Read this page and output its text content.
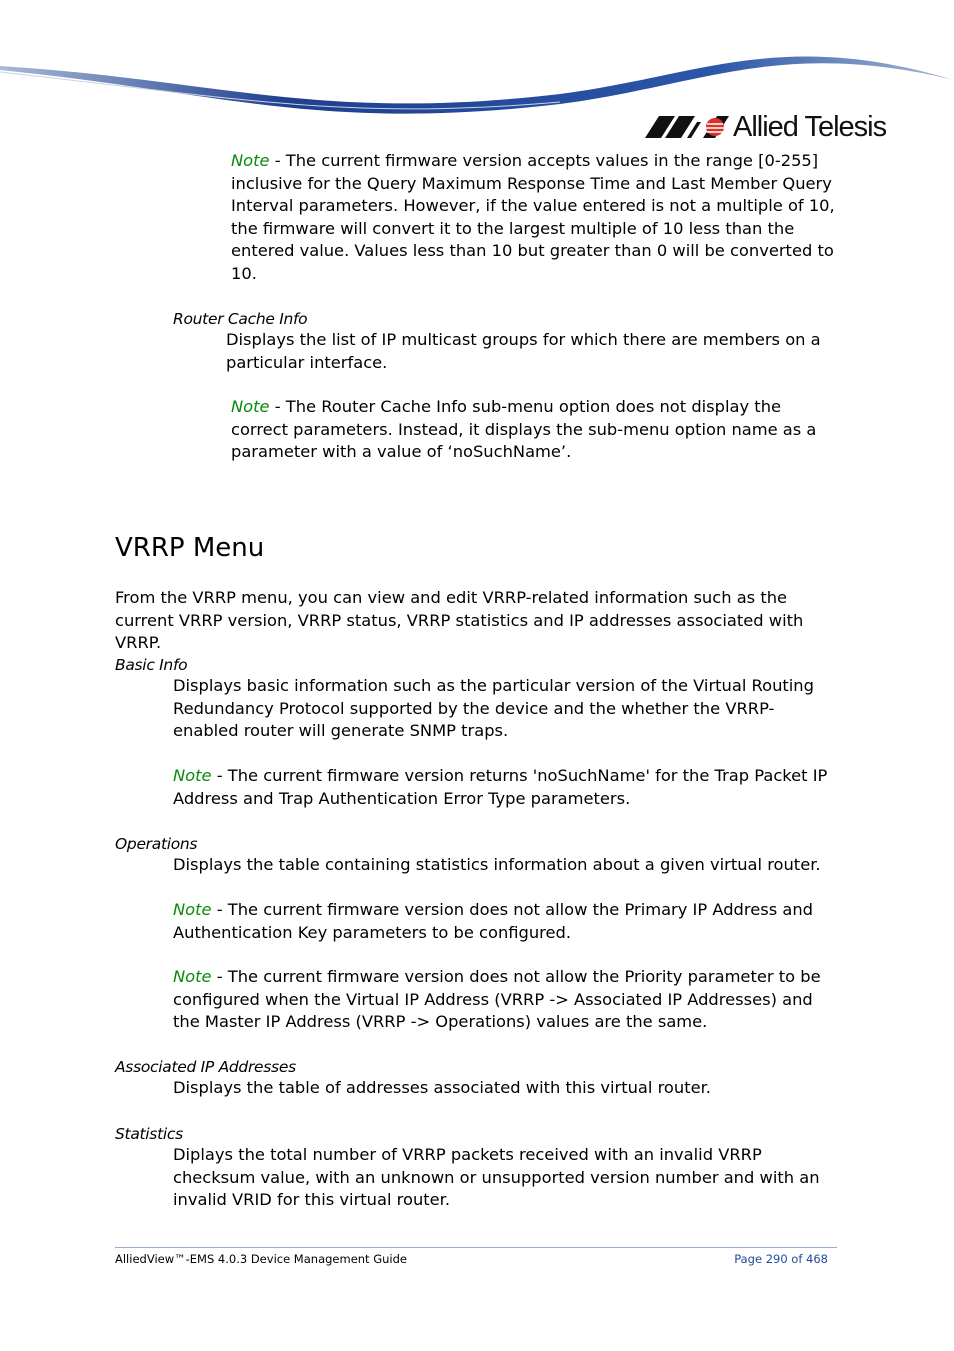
Allied Telesis

Note - The current firmware version accepts values in the range [0-255] inclusive for the Query Maximum Response Time and Last Member Query Interval parameters. However, if the value entered is not a multiple of 10, the firmware will convert it to the largest multiple of 10 less than the entered value. Values less than 10 but greater than 0 will be converted to 10.

Router Cache Info

Displays the list of IP multicast groups for which there are members on a particular interface.

Note - The Router Cache Info sub-menu option does not display the correct parameters. Instead, it displays the sub-menu option name as a parameter with a value of ‘noSuchName’.

VRRP Menu

From the VRRP menu, you can view and edit VRRP-related information such as the current VRRP version, VRRP status, VRRP statistics and IP addresses associated with VRRP.

Basic Info

Displays basic information such as the particular version of the Virtual Routing Redundancy Protocol supported by the device and the whether the VRRP-enabled router will generate SNMP traps.

Note - The current firmware version returns 'noSuchName' for the Trap Packet IP Address and Trap Authentication Error Type parameters.

Operations

Displays the table containing statistics information about a given virtual router.

Note - The current firmware version does not allow the Primary IP Address and Authentication Key parameters to be configured.

Note - The current firmware version does not allow the Priority parameter to be configured when the Virtual IP Address (VRRP -> Associated IP Addresses) and the Master IP Address (VRRP -> Operations) values are the same.

Associated IP Addresses

Displays the table of addresses associated with this virtual router.

Statistics

Diplays the total number of VRRP packets received with an invalid VRRP checksum value, with an unknown or unsupported version number and with an invalid VRID for this virtual router.

AlliedView™-EMS 4.0.3 Device Management Guide	Page 290 of 468
